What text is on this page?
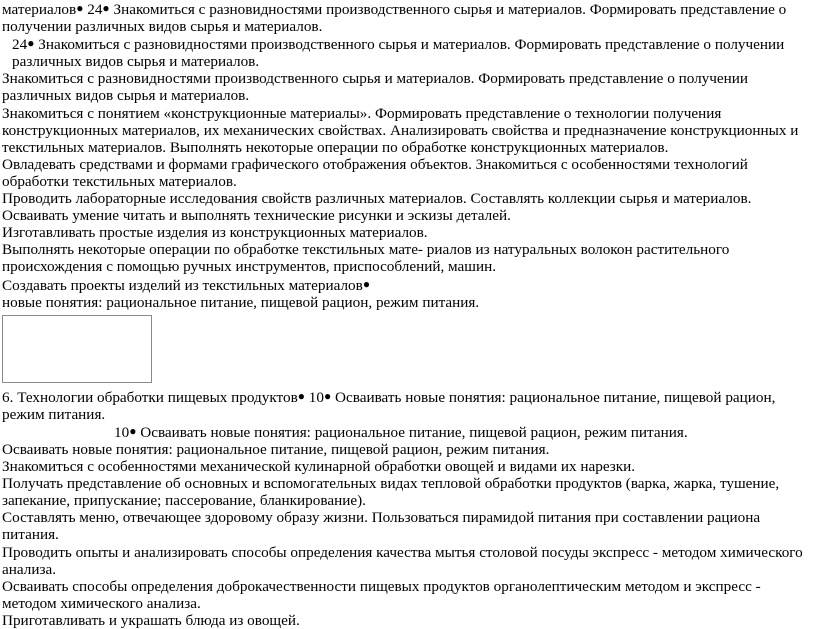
материалов● 24● Знакомиться с разновидностями производственного сырья и материалов. Формировать представление о получении различных видов сырья и материалов.
24● Знакомиться с разновидностями производственного сырья и материалов. Формировать представление о получении различных видов сырья и материалов.
Знакомиться с разновидностями производственного сырья и материалов. Формировать представление о получении различных видов сырья и материалов.
Знакомиться с понятием «конструкционные материалы». Формировать представление о технологии получения конструкционных материалов, их механических свойствах. Анализировать свойства и предназначение конструкционных и текстильных материалов. Выполнять некоторые операции по обработке конструкционных материалов.
Овладевать средствами и формами графического отображения объектов. Знакомиться с особенностями технологий обработки текстильных материалов.
Проводить лабораторные исследования свойств различных материалов. Составлять коллекции сырья и материалов.
Осваивать умение читать и выполнять технические рисунки и эскизы деталей.
Изготавливать простые изделия из конструкционных материалов.
Выполнять некоторые операции по обработке текстильных мате- риалов из натуральных волокон растительного происхождения с помощью ручных инструментов, приспособлений, машин.
Создавать проекты изделий из текстильных материалов●
новые понятия: рациональное питание, пищевой рацион, режим питания.
6. Технологии обработки пищевых продуктов● 10● Осваивать новые понятия: рациональное питание, пищевой рацион, режим питания.
10● Осваивать новые понятия: рациональное питание, пищевой рацион, режим питания.
Осваивать новые понятия: рациональное питание, пищевой рацион, режим питания.
Знакомиться с особенностями механической кулинарной обработки овощей и видами их нарезки.
Получать представление об основных и вспомогательных видах тепловой обработки продуктов (варка, жарка, тушение, запекание, припускание; пассерование, бланкирование).
Составлять меню, отвечающее здоровому образу жизни. Пользоваться пирамидой питания при составлении рациона питания.
Проводить опыты и анализировать способы определения качества мытья столовой посуды экспресс - методом химического анализа.
Осваивать способы определения доброкачественности пищевых продуктов органолептическим методом и экспресс - методом химического анализа.
Приготавливать и украшать блюда из овощей.
